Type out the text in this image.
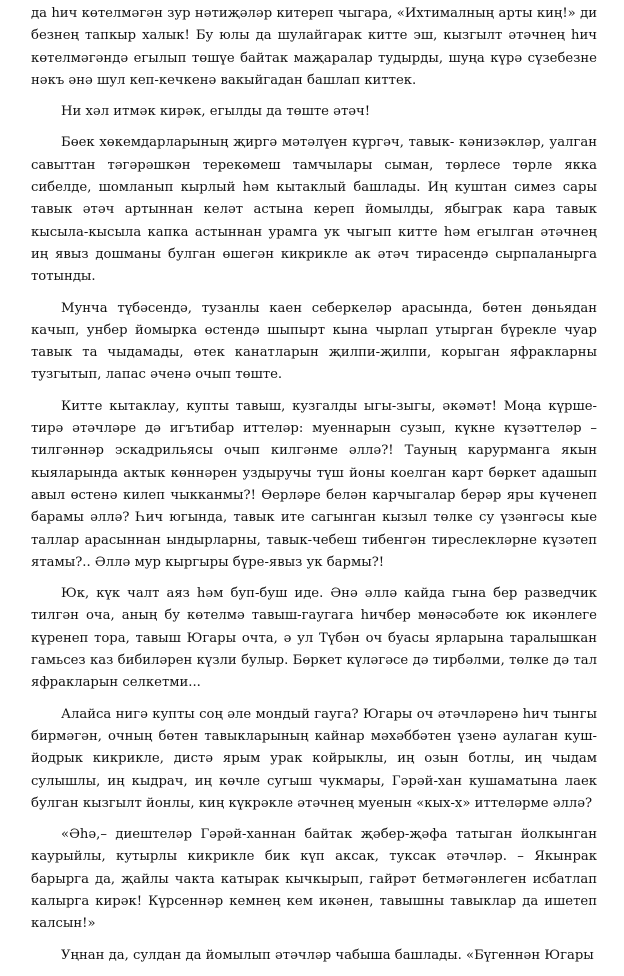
да һич көтелмәгән зур нәтиҗәләр китереп чыгара, «Ихтималның арты киң!» ди безнең тапкыр халык! Бу юлы да шулайгарак китте эш, кызгылт әтәчнең һич көтелмәгәндә егылып төшүе байтак маҗаралар тудырды, шуңа күрә сүзебезне нәкъ әнә шул кеп-кечкенә вакыйгадан башлап киттек.

Ни хәл итмәк кирәк, егылды да төште әтәч!

Бөек хөкемдарларының җиргә мәтәлүен күргәч, тавык- кәнизәкләр, уалган савыттан тәгәрәшкән терекөмеш тамчылары сыман, төрлесе төрле якка сибелде, шомланып кырлый һәм кытаклый башлады. Иң куштан симез сары тавык әтәч артыннан келәт астына кереп йомылды, ябыграк кара тавык кысыла-кысыла капка астыннан урамга ук чыгып китте һәм егылган әтәчнең иң явыз дошманы булган өшегән кикрикле ак әтәч тирасендә сырпаланырга тотынды.

Мунча түбәсендә, тузанлы каен себеркеләр арасында, бөтен дөньядан качып, унбер йомырка өстендә шыпырт кына чырлап утырган бүрекле чуар тавык та чыдамады, өтек канатларын җилпи-җилпи, корыган яфракларны тузгытып, лапас әченә очып төште.

Китте кытаклау, купты тавыш, кузгалды ыгы-зыгы, әкәмәт! Моңа күрше-тирә әтәчләре дә игътибар иттеләр: муеннарын сузып, күкне күзәттеләр – тилгәннәр эскадрильясы очып килгәнме әллә?! Тауның карурманга якын кыяларында актык көннәрен уздыручы түш йоны коелган карт бөркет адашып авыл өстенә килеп чыкканмы?! Өерләре белән карчыгалар берәр яры күченеп барамы әллә? Һич югында, тавык ите сагынган кызыл төлке су үзәнгәсы кые таллар арасыннан ындырларны, тавык-чебеш тибенгән тиреслекләрне күзәтеп ятамы?.. Әллә мур кыргыры бүре-явыз ук бармы?!

Юк, күк чалт аяз һәм буп-буш иде. Әнә әллә кайда гына бер разведчик тилгән оча, аның бу көтелмә тавыш-гаугага һичбер мөнәсәбәте юк икәнлеге күренеп тора, тавыш Югары очта, ә ул Түбән оч буасы ярларына таралышкан гамьсез каз бибиләрен күзли булыр. Бөркет күләгәсе дә тирбәлми, төлке дә тал яфракларын селкетми...

Алайса нигә купты соң әле мондый гауга? Югары оч әтәчләренә һич тынгы бирмәгән, очның бөтен тавыкларының кайнар мәхәббәтен үзенә аулаган куш-йодрык кикрикле, дистә ярым урак койрыклы, иң озын ботлы, иң чыдам сулышлы, иң кыдрач, иң көчле сугыш чукмары, Гәрәй-хан кушаматына лаек булган кызгылт йонлы, киң күкрәкле әтәчнең муенын «кых-х» иттеләрме әллә?

«Әһә,– диештеләр Гәрәй-ханнан байтак җәбер-җәфа татыган йолкынган каурыйлы, кутырлы кикрикле бик күп аксак, туксак әтәчләр. – Якынрак барырга да, җайлы чакта катырак кычкырып, гайрәт бетмәгәнлеген исбатлап калырга кирәк! Күрсеннәр кемнең кем икәнен, тавышны тавыклар да ишетеп калсын!»

Уңнан да, сулдан да йомылып әтәчләр чабыша башлады. «Бүгеннән Югары
